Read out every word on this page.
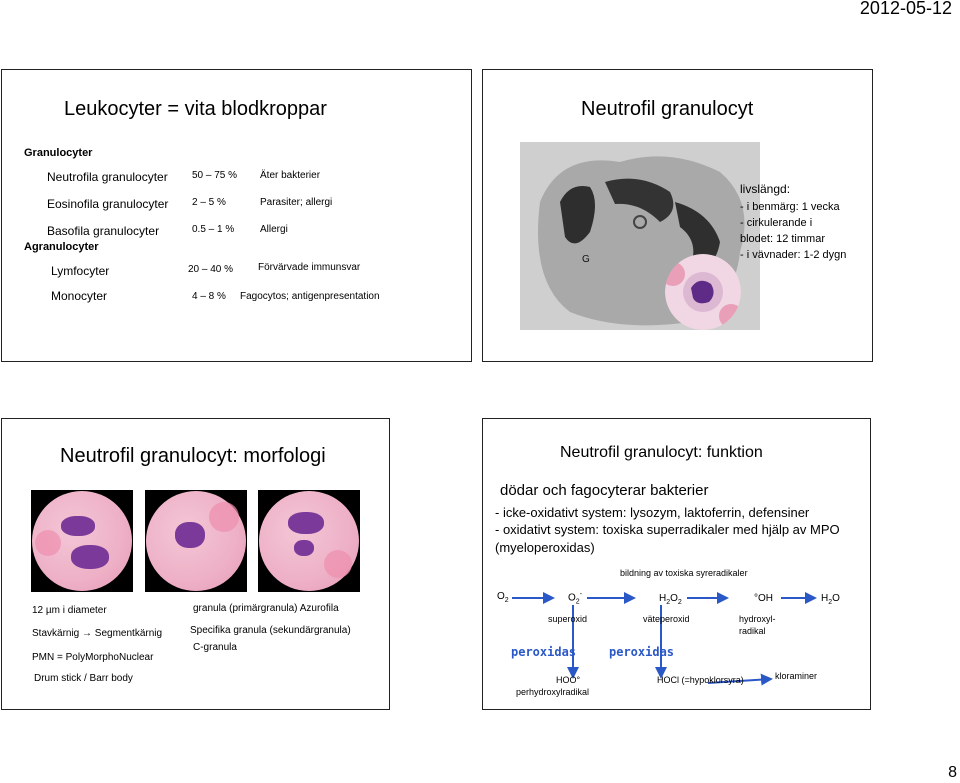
2012-05-12
Leukocyter = vita blodkroppar
Granulocyter
Neutrofila granulocyter 50 – 75 % Äter bakterier
Eosinofila granulocyter 2 – 5 %	Parasiter; allergi
Basofila granulocyter	0.5 – 1 %	Allergi
Agranulocyter
Lymfocyter	20 – 40 % Förvärvade immunsvar
Monocyter	4 – 8 % Fagocytos; antigenpresentation
Neutrofil granulocyt
G
livslängd:
- i benmärg: 1 vecka
- cirkulerande i
blodet: 12 timmar
- i vävnader: 1-2 dygn
Neutrofil granulocyt: morfologi
12 µm i diameter
Stavkärnig → Segmentkärnig
PMN = PolyMorphoNuclear
Drum stick / Barr body
granula (primärgranula) Azurofila
Specifika granula (sekundärgranula)
C-granula
Neutrofil granulocyt: funktion
dödar och fagocyterar bakterier
- icke-oxidativt system: lysozym, laktoferrin, defensiner
- oxidativt system: toxiska superradikaler med hjälp av MPO
(myeloperoxidas)
bildning av toxiska syreradikaler
$O_2$	$O_2^-$	$H_2O_2$	°OH	$H_2O$
superoxid	väteperoxid	hydroxyl-
radikal
peroxidas	peroxidas
HOO°
perhydroxylradikal
HOCl (=hypoklorsyra)	kloraminer
8
